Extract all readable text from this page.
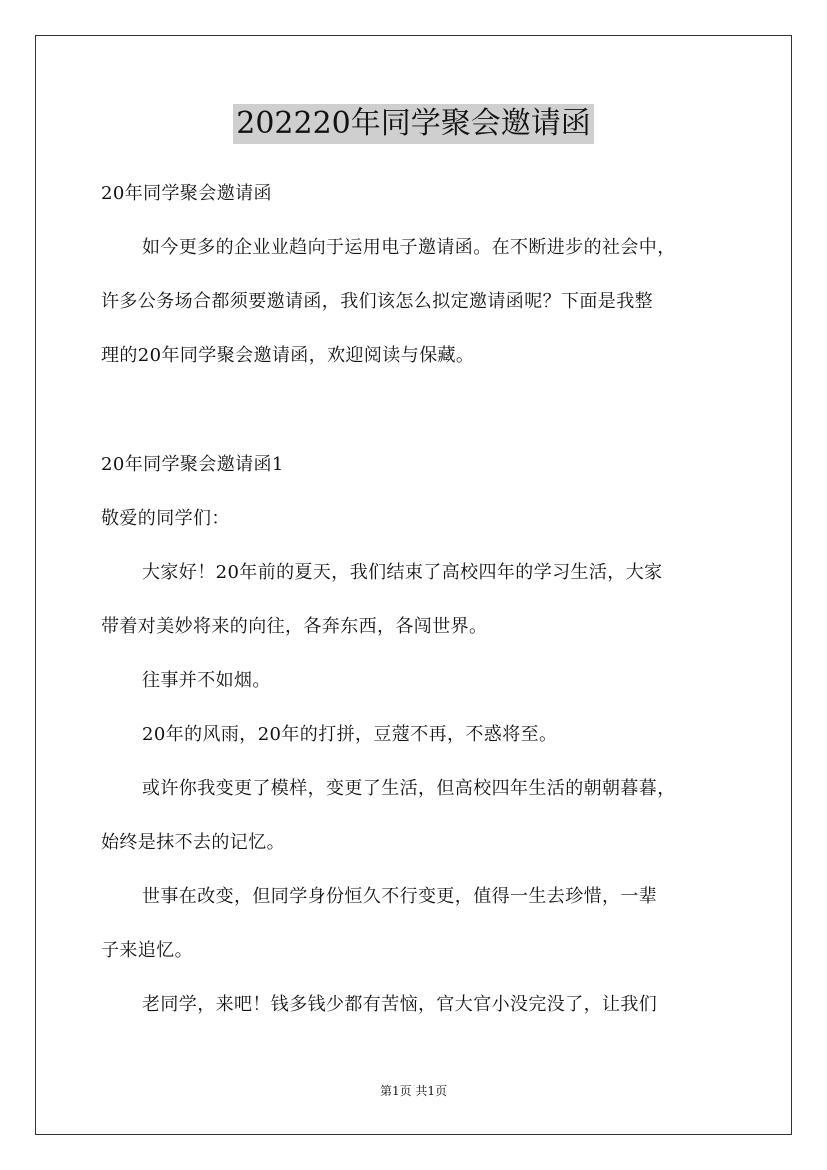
202220年同学聚会邀请函
20年同学聚会邀请函
如今更多的企业业趋向于运用电子邀请函。在不断进步的社会中，
许多公务场合都须要邀请函，我们该怎么拟定邀请函呢？下面是我整
理的20年同学聚会邀请函，欢迎阅读与保藏。
20年同学聚会邀请函1
敬爱的同学们：
大家好！20年前的夏天，我们结束了高校四年的学习生活，大家
带着对美妙将来的向往，各奔东西，各闯世界。
往事并不如烟。
20年的风雨，20年的打拼，豆蔻不再，不惑将至。
或许你我变更了模样，变更了生活，但高校四年生活的朝朝暮暮，
始终是抹不去的记忆。
世事在改变，但同学身份恒久不行变更，值得一生去珍惜，一辈
子来追忆。
老同学，来吧！钱多钱少都有苦恼，官大官小没完没了，让我们
第1页 共1页
